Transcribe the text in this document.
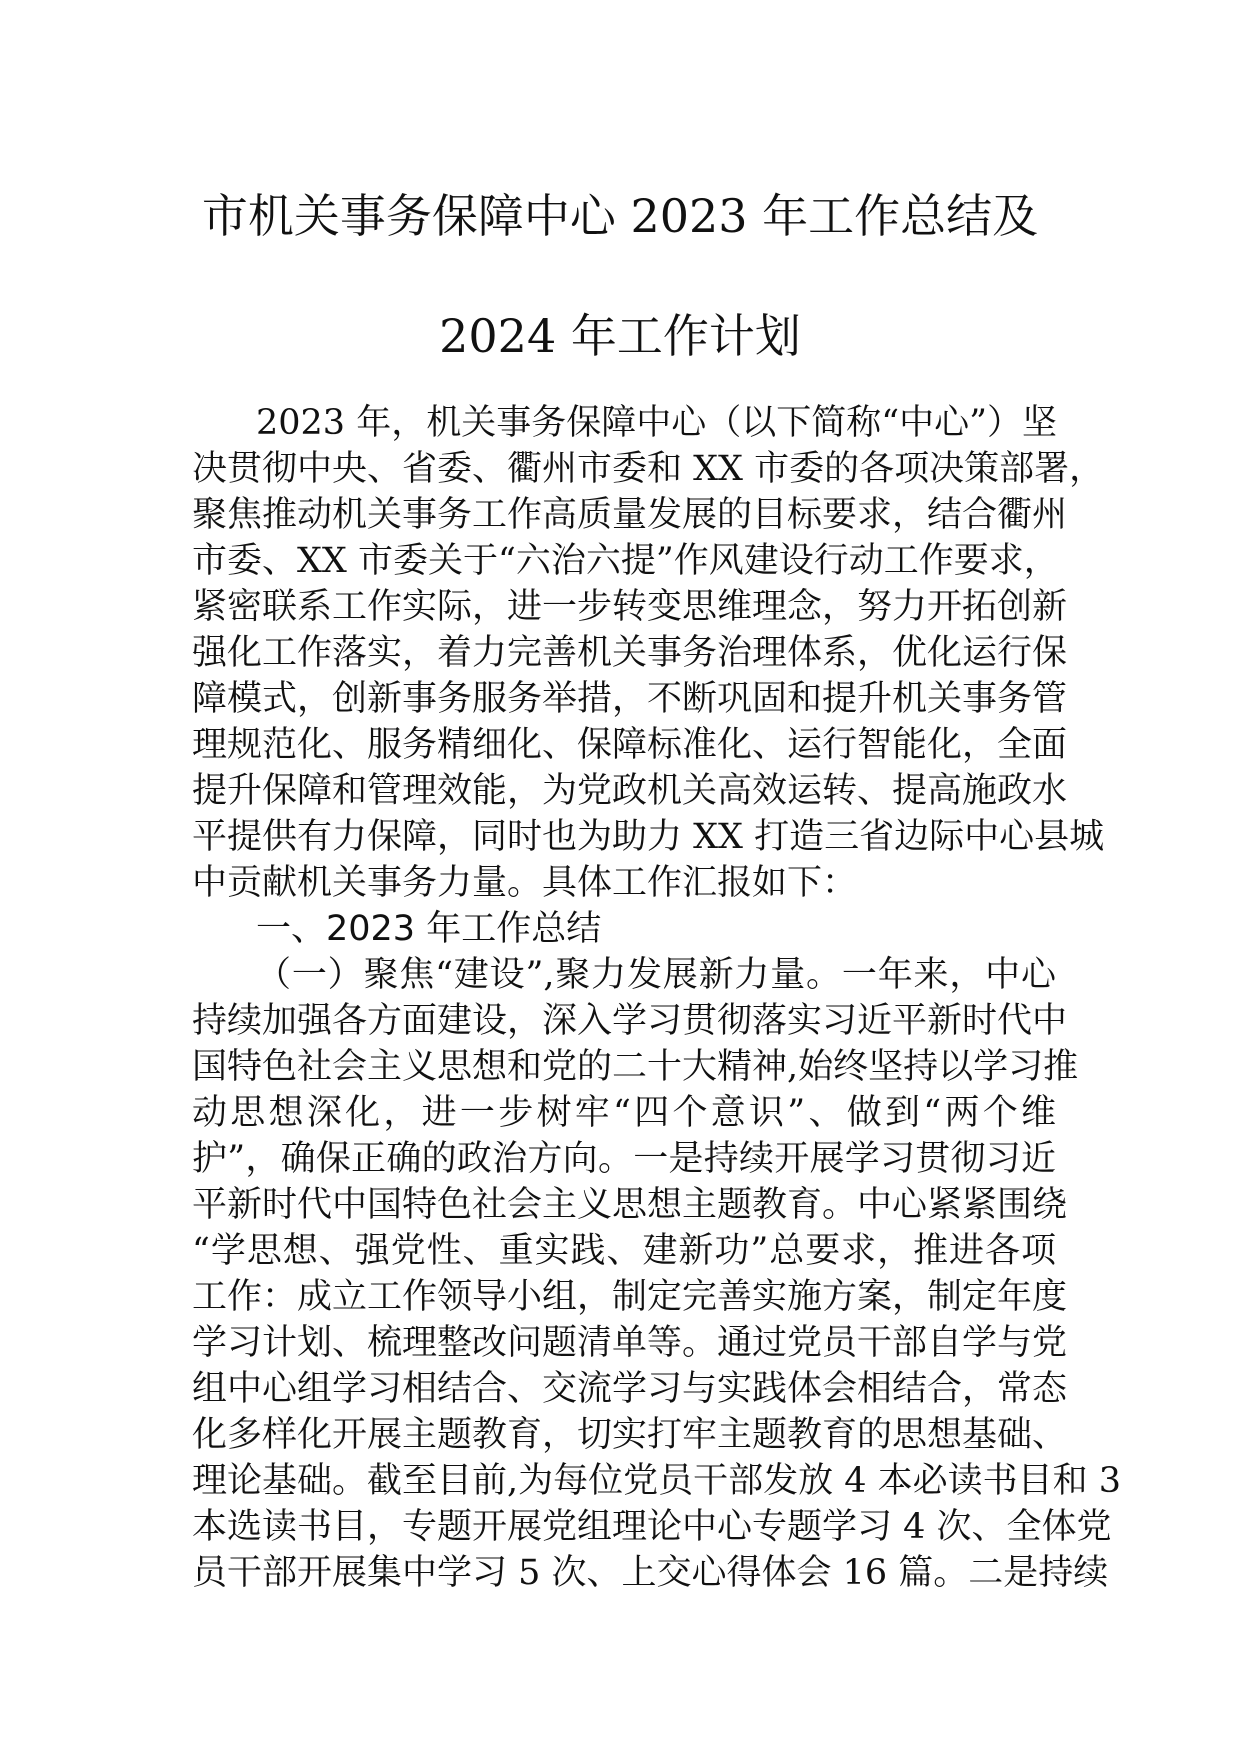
市机关事务保障中心 2023 年工作总结及
2024 年工作计划
2023 年，机关事务保障中心（以下简称“中心”）坚
决贯彻中央、省委、衢州市委和 XX 市委的各项决策部署，
聚焦推动机关事务工作高质量发展的目标要求，结合衢州
市委、XX 市委关于“六治六提”作风建设行动工作要求，
紧密联系工作实际，进一步转变思维理念，努力开拓创新
强化工作落实，着力完善机关事务治理体系，优化运行保
障模式，创新事务服务举措，不断巩固和提升机关事务管
理规范化、服务精细化、保障标准化、运行智能化，全面
提升保障和管理效能，为党政机关高效运转、提高施政水
平提供有力保障，同时也为助力 XX 打造三省边际中心县城
中贡献机关事务力量。具体工作汇报如下：
一、2023 年工作总结
（一）聚焦“建设”,聚力发展新力量。一年来，中心
持续加强各方面建设，深入学习贯彻落实习近平新时代中
国特色社会主义思想和党的二十大精神,始终坚持以学习推
动思想深化，进一步树牢“四个意识”、做到“两个维
护”，确保正确的政治方向。一是持续开展学习贯彻习近
平新时代中国特色社会主义思想主题教育。中心紧紧围绕
“学思想、强党性、重实践、建新功”总要求，推进各项
工作：成立工作领导小组，制定完善实施方案，制定年度
学习计划、梳理整改问题清单等。通过党员干部自学与党
组中心组学习相结合、交流学习与实践体会相结合，常态
化多样化开展主题教育，切实打牢主题教育的思想基础、
理论基础。截至目前,为每位党员干部发放 4 本必读书目和 3
本选读书目，专题开展党组理论中心专题学习 4 次、全体党
员干部开展集中学习 5 次、上交心得体会 16 篇。二是持续
